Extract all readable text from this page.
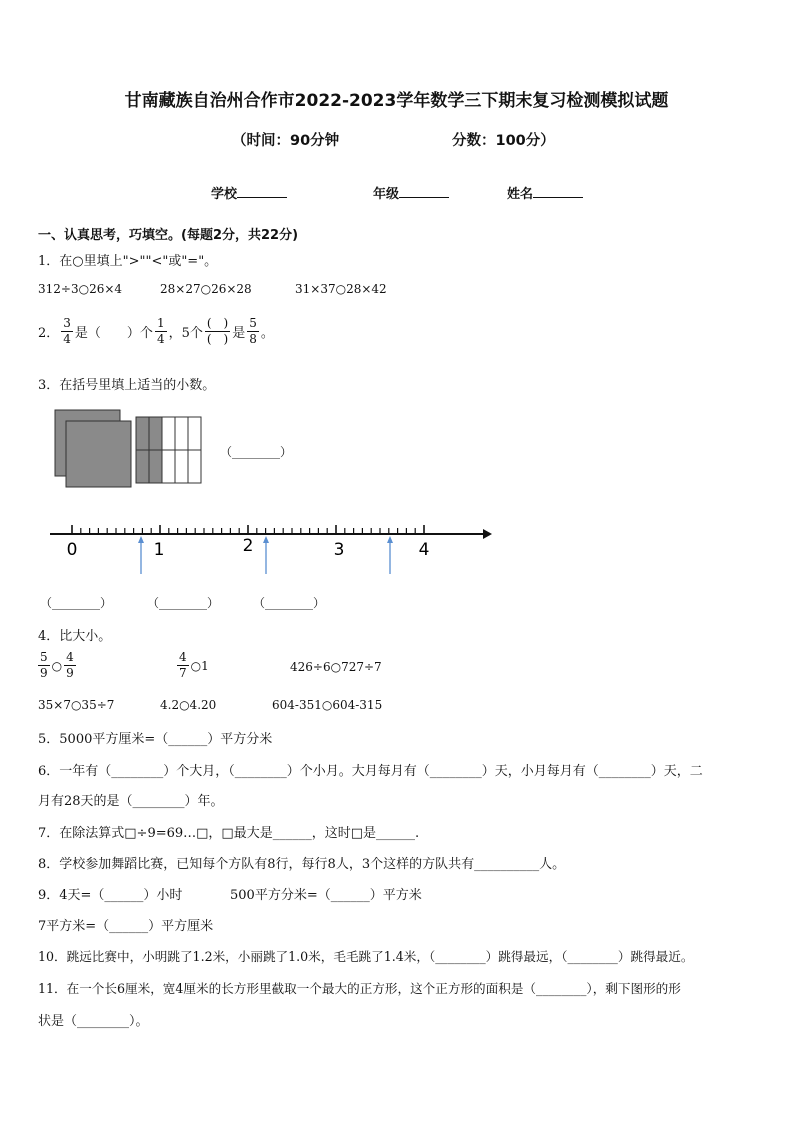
甘南藏族自治州合作市2022-2023学年数学三下期末复习检测模拟试题
（时间：90分钟	分数：100分）
学校	年级	姓名
一、认真思考，巧填空。(每题2分，共22分)
1．在○里填上">""<"或"="。
312÷3○26×4	28×27○26×28	31×37○28×42
2． $\frac{3}{4}$ 是（　　）个 $\frac{1}{4}$ ，5个 $\frac{( )}{( )}$ 是 $\frac{5}{8}$ 。
3．在括号里填上适当的小数。
（________）
0	1	2	3	4
（________）	（________）	（________）
4．比大小。
$\frac{5}{9}$ ○ $\frac{4}{9}$	$\frac{4}{7}$ ○1	426÷6○727÷7
35×7○35÷7	4.2○4.20	604-351○604-315
5．5000平方厘米=（______）平方分米
6．一年有（________）个大月，（________）个小月。大月每月有（________）天，小月每月有（________）天，二
月有28天的是（________）年。
7．在除法算式□÷9=69…□，□最大是______，这时□是______.
8．学校参加舞蹈比赛，已知每个方队有8行，每行8人，3个这样的方队共有__________人。
9．4天=（______）小时	500平方分米=（______）平方米
7平方米=（______）平方厘米
10．跳远比赛中，小明跳了1.2米，小丽跳了1.0米，毛毛跳了1.4米，（________）跳得最远，（________）跳得最近。
11．在一个长6厘米，宽4厘米的长方形里截取一个最大的正方形，这个正方形的面积是（________），剩下图形的形
状是（________）。
